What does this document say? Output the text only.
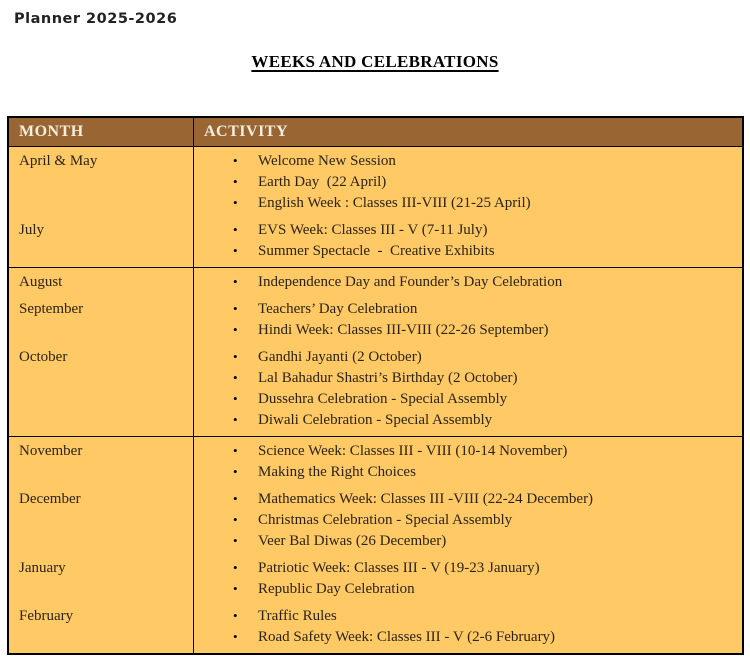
Planner 2025-2026
WEEKS AND CELEBRATIONS
MONTH	ACTIVITY
April & May	• Welcome New Session
• Earth Day  (22 April)
• English Week : Classes III-VIII (21-25 April)
July	• EVS Week: Classes III - V (7-11 July)
• Summer Spectacle  -  Creative Exhibits
August	• Independence Day and Founder’s Day Celebration
September	• Teachers’ Day Celebration
• Hindi Week: Classes III-VIII (22-26 September)
October	• Gandhi Jayanti (2 October)
• Lal Bahadur Shastri’s Birthday (2 October)
• Dussehra Celebration - Special Assembly
• Diwali Celebration - Special Assembly
November	• Science Week: Classes III - VIII (10-14 November)
• Making the Right Choices
December	• Mathematics Week: Classes III -VIII (22-24 December)
• Christmas Celebration - Special Assembly
• Veer Bal Diwas (26 December)
January	• Patriotic Week: Classes III - V (19-23 January)
• Republic Day Celebration
February	• Traffic Rules
• Road Safety Week: Classes III - V (2-6 February)
